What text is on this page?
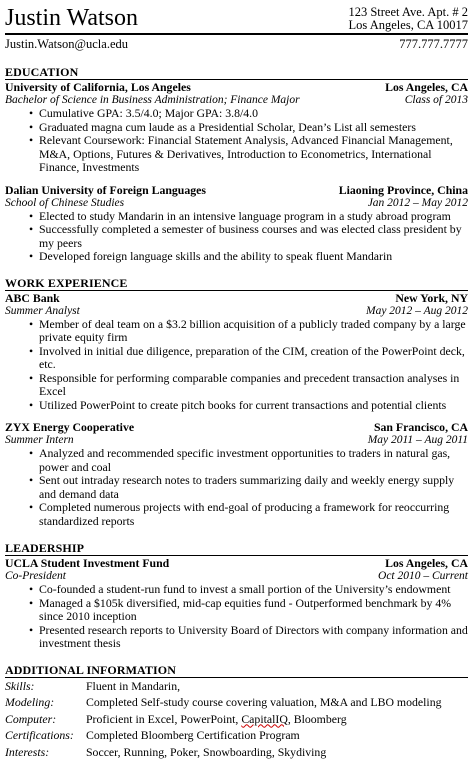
Justin Watson	123 Street Ave. Apt. # 2
Los Angeles, CA 10017
Justin.Watson@ucla.edu	777.777.7777
EDUCATION
University of California, Los Angeles	Los Angeles, CA
Bachelor of Science in Business Administration; Finance Major	Class of 2013
• Cumulative GPA: 3.5/4.0; Major GPA: 3.8/4.0
• Graduated magna cum laude as a Presidential Scholar, Dean’s List all semesters
• Relevant Coursework: Financial Statement Analysis, Advanced Financial Management, M&A, Options, Futures & Derivatives, Introduction to Econometrics, International Finance, Investments
Dalian University of Foreign Languages	Liaoning Province, China
School of Chinese Studies	Jan 2012 – May 2012
• Elected to study Mandarin in an intensive language program in a study abroad program
• Successfully completed a semester of business courses and was elected class president by my peers
• Developed foreign language skills and the ability to speak fluent Mandarin
WORK EXPERIENCE
ABC Bank	New York, NY
Summer Analyst	May 2012 – Aug 2012
• Member of deal team on a $3.2 billion acquisition of a publicly traded company by a large private equity firm
• Involved in initial due diligence, preparation of the CIM, creation of the PowerPoint deck, etc.
• Responsible for performing comparable companies and precedent transaction analyses in Excel
• Utilized PowerPoint to create pitch books for current transactions and potential clients
ZYX Energy Cooperative	San Francisco, CA
Summer Intern	May 2011 – Aug 2011
• Analyzed and recommended specific investment opportunities to traders in natural gas, power and coal
• Sent out intraday research notes to traders summarizing daily and weekly energy supply and demand data
• Completed numerous projects with end-goal of producing a framework for reoccurring standardized reports
LEADERSHIP
UCLA Student Investment Fund	Los Angeles, CA
Co-President	Oct 2010 – Current
• Co-founded a student-run fund to invest a small portion of the University’s endowment
• Managed a $105k diversified, mid-cap equities fund - Outperformed benchmark by 4% since 2010 inception
• Presented research reports to University Board of Directors with company information and investment thesis
ADDITIONAL INFORMATION
Skills:	Fluent in Mandarin,
Modeling:	Completed Self-study course covering valuation, M&A and LBO modeling
Computer:	Proficient in Excel, PowerPoint, CapitalIQ, Bloomberg
Certifications:	Completed Bloomberg Certification Program
Interests:	Soccer, Running, Poker, Snowboarding, Skydiving
